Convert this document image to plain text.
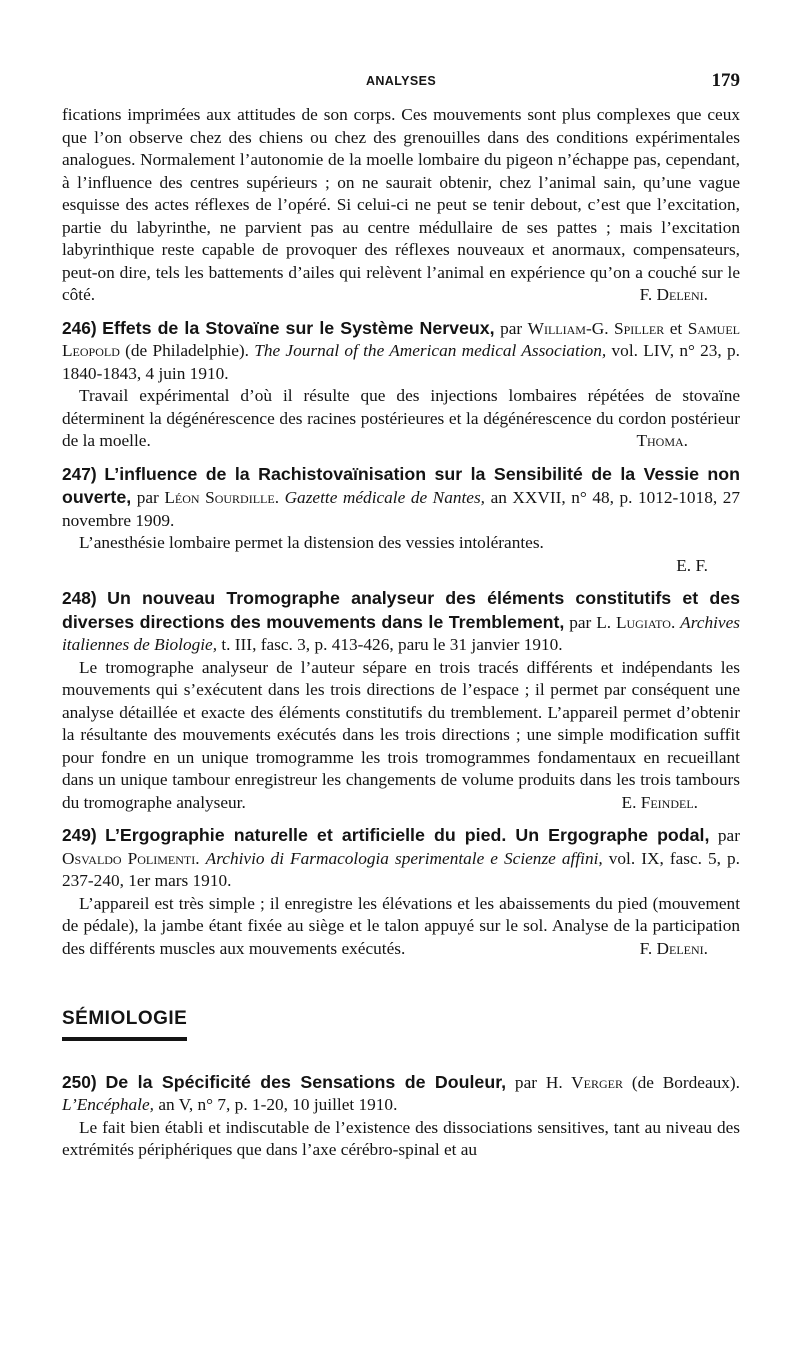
ANALYSES	179
fications imprimées aux attitudes de son corps. Ces mouvements sont plus complexes que ceux que l’on observe chez des chiens ou chez des grenouilles dans des conditions expérimentales analogues. Normalement l’autonomie de la moelle lombaire du pigeon n’échappe pas, cependant, à l’influence des centres supérieurs ; on ne saurait obtenir, chez l’animal sain, qu’une vague esquisse des actes réflexes de l’opéré. Si celui-ci ne peut se tenir debout, c’est que l’excitation, partie du labyrinthe, ne parvient pas au centre médullaire de ses pattes ; mais l’excitation labyrinthique reste capable de provoquer des réflexes nouveaux et anormaux, compensateurs, peut-on dire, tels les battements d’ailes qui relèvent l’animal en expérience qu’on a couché sur le côté.	F. Deleni.

246) Effets de la Stovaïne sur le Système Nerveux, par William-G. Spiller et Samuel Leopold (de Philadelphie). The Journal of the American medical Association, vol. LIV, n° 23, p. 1840-1843, 4 juin 1910.

Travail expérimental d’où il résulte que des injections lombaires répétées de stovaïne déterminent la dégénérescence des racines postérieures et la dégénérescence du cordon postérieur de la moelle.	Thoma.

247) L’influence de la Rachistovaïnisation sur la Sensibilité de la Vessie non ouverte, par Léon Sourdille. Gazette médicale de Nantes, an XXVII, n° 48, p. 1012-1018, 27 novembre 1909.

L’anesthésie lombaire permet la distension des vessies intolérantes.

E. F.

248) Un nouveau Tromographe analyseur des éléments constitutifs et des diverses directions des mouvements dans le Tremblement, par L. Lugiato. Archives italiennes de Biologie, t. III, fasc. 3, p. 413-426, paru le 31 janvier 1910.

Le tromographe analyseur de l’auteur sépare en trois tracés différents et indépendants les mouvements qui s’exécutent dans les trois directions de l’espace ; il permet par conséquent une analyse détaillée et exacte des éléments constitutifs du tremblement. L’appareil permet d’obtenir la résultante des mouvements exécutés dans les trois directions ; une simple modification suffit pour fondre en un unique tromogramme les trois tromogrammes fondamentaux en recueillant dans un unique tambour enregistreur les changements de volume produits dans les trois tambours du tromographe analyseur.	E. Feindel.

249) L’Ergographie naturelle et artificielle du pied. Un Ergographe podal, par Osvaldo Polimenti. Archivio di Farmacologia sperimentale e Scienze affini, vol. IX, fasc. 5, p. 237-240, 1er mars 1910.

L’appareil est très simple ; il enregistre les élévations et les abaissements du pied (mouvement de pédale), la jambe étant fixée au siège et le talon appuyé sur le sol. Analyse de la participation des différents muscles aux mouvements exécutés.	F. Deleni.
SÉMIOLOGIE

250) De la Spécificité des Sensations de Douleur, par H. Verger (de Bordeaux). L’Encéphale, an V, n° 7, p. 1-20, 10 juillet 1910.

Le fait bien établi et indiscutable de l’existence des dissociations sensitives, tant au niveau des extrémités périphériques que dans l’axe cérébro-spinal et au
